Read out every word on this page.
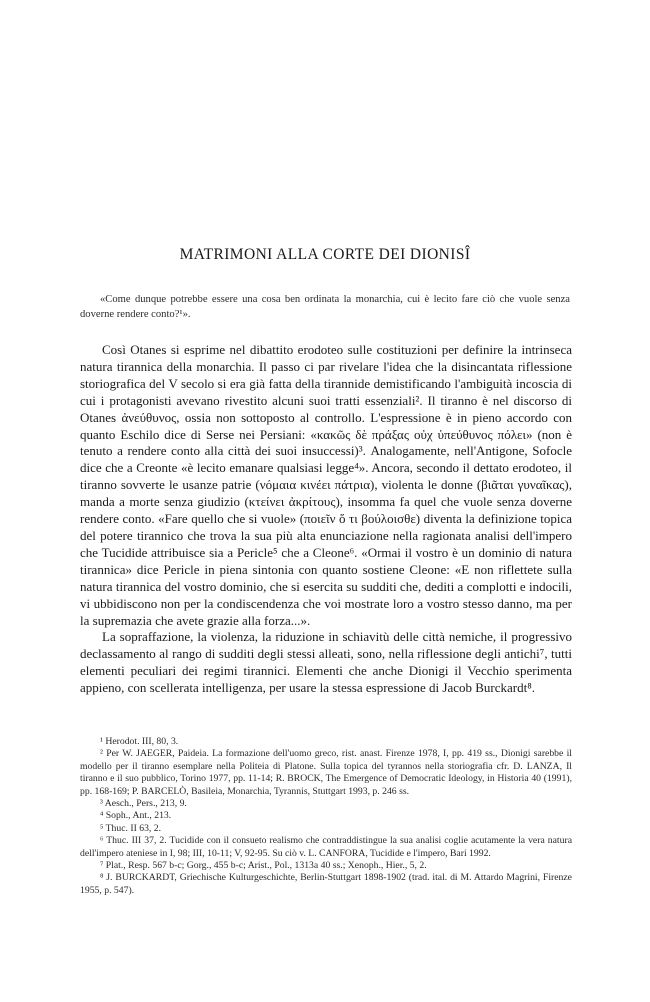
MATRIMONI ALLA CORTE DEI DIONISÎ
«Come dunque potrebbe essere una cosa ben ordinata la monarchia, cui è lecito fare ciò che vuole senza doverne rendere conto?¹».

Così Otanes si esprime nel dibattito erodoteo sulle costituzioni per definire la intrinseca natura tirannica della monarchia. Il passo ci par rivelare l'idea che la disincantata riflessione storiografica del V secolo si era già fatta della tirannide demistificando l'ambiguità incoscia di cui i protagonisti avevano rivestito alcuni suoi tratti essenziali². Il tiranno è nel discorso di Otanes ἀνεύθυνος, ossia non sottoposto al controllo. L'espressione è in pieno accordo con quanto Eschilo dice di Serse nei Persiani: «κακῶς δὲ πράξας οὐχ ὑπεύθυνος πόλει» (non è tenuto a rendere conto alla città dei suoi insuccessi)³. Analogamente, nell'Antigone, Sofocle dice che a Creonte «è lecito emanare qualsiasi legge⁴». Ancora, secondo il dettato erodoteo, il tiranno sovverte le usanze patrie (νόμαια κινέει πάτρια), violenta le donne (βιᾶται γυναῖκας), manda a morte senza giudizio (κτείνει ἀκρίτους), insomma fa quel che vuole senza doverne rendere conto. «Fare quello che si vuole» (ποιεῖν ὅ τι βούλοισθε) diventa la definizione topica del potere tirannico che trova la sua più alta enunciazione nella ragionata analisi dell'impero che Tucidide attribuisce sia a Pericle⁵ che a Cleone⁶. «Ormai il vostro è un dominio di natura tirannica» dice Pericle in piena sintonia con quanto sostiene Cleone: «E non riflettete sulla natura tirannica del vostro dominio, che si esercita su sudditi che, dediti a complotti e indocili, vi ubbidiscono non per la condiscendenza che voi mostrate loro a vostro stesso danno, ma per la supremazia che avete grazie alla forza...».

La sopraffazione, la violenza, la riduzione in schiavitù delle città nemiche, il progressivo declassamento al rango di sudditi degli stessi alleati, sono, nella riflessione degli antichi⁷, tutti elementi peculiari dei regimi tirannici. Elementi che anche Dionigi il Vecchio sperimenta appieno, con scellerata intelligenza, per usare la stessa espressione di Jacob Burckardt⁸.

¹ Herodot. III, 80, 3.

² Per W. JAEGER, Paideia. La formazione dell'uomo greco, rist. anast. Firenze 1978, I, pp. 419 ss., Dionigi sarebbe il modello per il tiranno esemplare nella Politeia di Platone. Sulla topica del tyrannos nella storiografia cfr. D. LANZA, Il tiranno e il suo pubblico, Torino 1977, pp. 11-14; R. BROCK, The Emergence of Democratic Ideology, in Historia 40 (1991), pp. 168-169; P. BARCELÒ, Basileia, Monarchia, Tyrannis, Stuttgart 1993, p. 246 ss.

³ Aesch., Pers., 213, 9.

⁴ Soph., Ant., 213.

⁵ Thuc. II 63, 2.

⁶ Thuc. III 37, 2. Tucidide con il consueto realismo che contraddistingue la sua analisi coglie acutamente la vera natura dell'impero ateniese in I, 98; III, 10-11; V, 92-95. Su ciò v. L. CANFORA, Tucidide e l'impero, Bari 1992.

⁷ Plat., Resp. 567 b-c; Gorg., 455 b-c; Arist., Pol., 1313a 40 ss.; Xenoph., Hier., 5, 2.

⁸ J. BURCKARDT, Griechische Kulturgeschichte, Berlin-Stuttgart 1898-1902 (trad. ital. di M. Attardo Magrini, Firenze 1955, p. 547).
